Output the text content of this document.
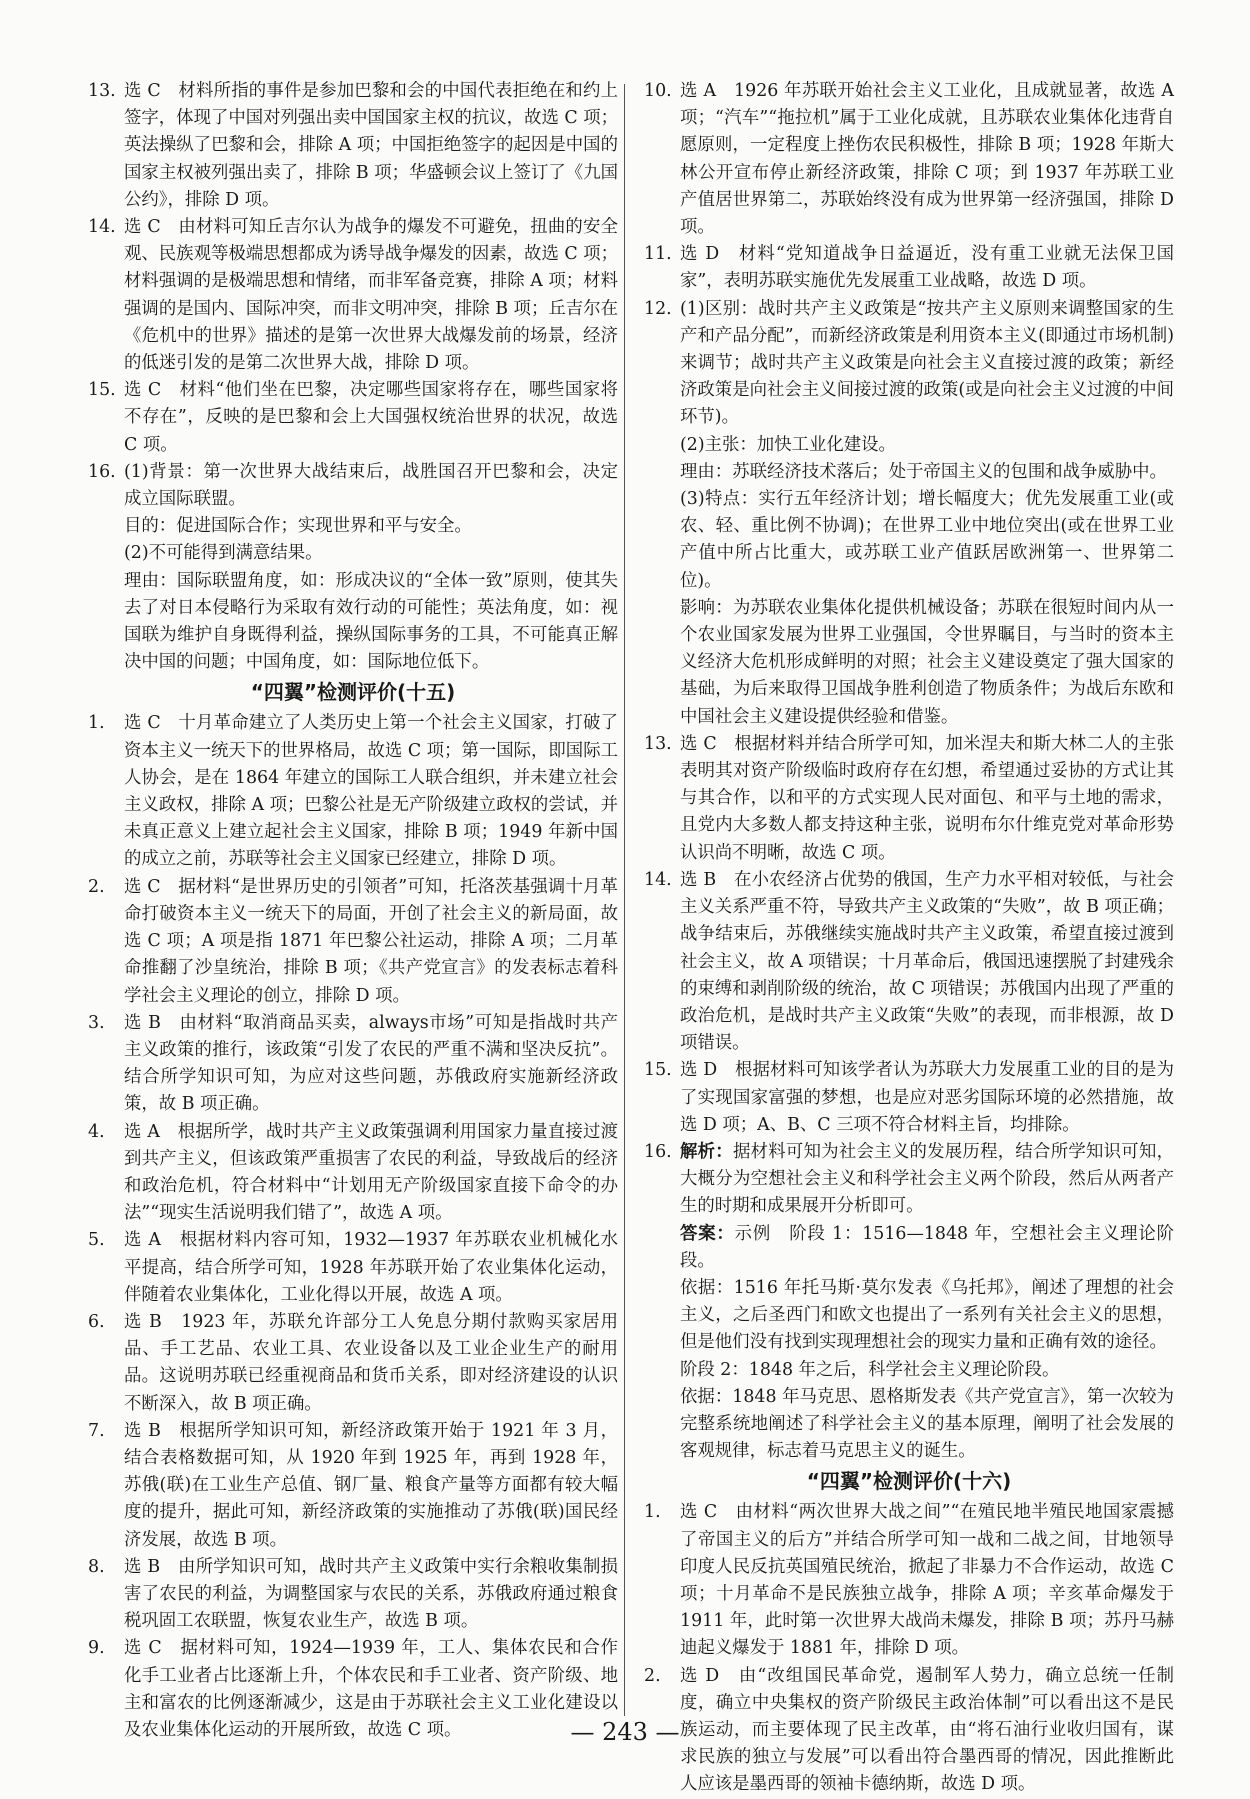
13. 选 C　材料所指的事件是参加巴黎和会的中国代表拒绝在和约上签字，体现了中国对列强出卖中国国家主权的抗议，故选 C 项；英法操纵了巴黎和会，排除 A 项；中国拒绝签字的起因是中国的国家主权被列强出卖了，排除 B 项；华盛顿会议上签订了《九国公约》，排除 D 项。

14. 选 C　由材料可知丘吉尔认为战争的爆发不可避免，扭曲的安全观、民族观等极端思想都成为诱导战争爆发的因素，故选 C 项；材料强调的是极端思想和情绪，而非军备竞赛，排除 A 项；材料强调的是国内、国际冲突，而非文明冲突，排除 B 项；丘吉尔在《危机中的世界》描述的是第一次世界大战爆发前的场景，经济的低迷引发的是第二次世界大战，排除 D 项。

15. 选 C　材料“他们坐在巴黎，决定哪些国家将存在，哪些国家将不存在”，反映的是巴黎和会上大国强权统治世界的状况，故选 C 项。

16. (1)背景：第一次世界大战结束后，战胜国召开巴黎和会，决定成立国际联盟。

目的：促进国际合作；实现世界和平与安全。

(2)不可能得到满意结果。

理由：国际联盟角度，如：形成决议的“全体一致”原则，使其失去了对日本侵略行为采取有效行动的可能性；英法角度，如：视国联为维护自身既得利益，操纵国际事务的工具，不可能真正解决中国的问题；中国角度，如：国际地位低下。

“四翼”检测评价(十五)
1. 选 C　十月革命建立了人类历史上第一个社会主义国家，打破了资本主义一统天下的世界格局，故选 C 项；第一国际，即国际工人协会，是在 1864 年建立的国际工人联合组织，并未建立社会主义政权，排除 A 项；巴黎公社是无产阶级建立政权的尝试，并未真正意义上建立起社会主义国家，排除 B 项；1949 年新中国的成立之前，苏联等社会主义国家已经建立，排除 D 项。

2. 选 C　据材料“是世界历史的引领者”可知，托洛茨基强调十月革命打破资本主义一统天下的局面，开创了社会主义的新局面，故选 C 项；A 项是指 1871 年巴黎公社运动，排除 A 项；二月革命推翻了沙皇统治，排除 B 项；《共产党宣言》的发表标志着科学社会主义理论的创立，排除 D 项。

3. 选 B　由材料“取消商品买卖，always市场”可知是指战时共产主义政策的推行，该政策“引发了农民的严重不满和坚决反抗”。结合所学知识可知，为应对这些问题，苏俄政府实施新经济政策，故 B 项正确。

4. 选 A　根据所学，战时共产主义政策强调利用国家力量直接过渡到共产主义，但该政策严重损害了农民的利益，导致战后的经济和政治危机，符合材料中“计划用无产阶级国家直接下命令的办法”“现实生活说明我们错了”，故选 A 项。

5. 选 A　根据材料内容可知，1932—1937 年苏联农业机械化水平提高，结合所学可知，1928 年苏联开始了农业集体化运动，伴随着农业集体化，工业化得以开展，故选 A 项。

6. 选 B　1923 年，苏联允许部分工人免息分期付款购买家居用品、手工艺品、农业工具、农业设备以及工业企业生产的耐用品。这说明苏联已经重视商品和货币关系，即对经济建设的认识不断深入，故 B 项正确。

7. 选 B　根据所学知识可知，新经济政策开始于 1921 年 3 月，结合表格数据可知，从 1920 年到 1925 年，再到 1928 年，苏俄(联)在工业生产总值、钢厂量、粮食产量等方面都有较大幅度的提升，据此可知，新经济政策的实施推动了苏俄(联)国民经济发展，故选 B 项。

8. 选 B　由所学知识可知，战时共产主义政策中实行余粮收集制损害了农民的利益，为调整国家与农民的关系，苏俄政府通过粮食税巩固工农联盟，恢复农业生产，故选 B 项。

9. 选 C　据材料可知，1924—1939 年，工人、集体农民和合作化手工业者占比逐渐上升，个体农民和手工业者、资产阶级、地主和富农的比例逐渐减少，这是由于苏联社会主义工业化建设以及农业集体化运动的开展所致，故选 C 项。

10. 选 A　1926 年苏联开始社会主义工业化，且成就显著，故选 A 项；“汽车”“拖拉机”属于工业化成就，且苏联农业集体化违背自愿原则，一定程度上挫伤农民积极性，排除 B 项；1928 年斯大林公开宣布停止新经济政策，排除 C 项；到 1937 年苏联工业产值居世界第二，苏联始终没有成为世界第一经济强国，排除 D 项。

11. 选 D　材料“党知道战争日益逼近，没有重工业就无法保卫国家”，表明苏联实施优先发展重工业战略，故选 D 项。

12. (1)区别：战时共产主义政策是“按共产主义原则来调整国家的生产和产品分配”，而新经济政策是利用资本主义(即通过市场机制)来调节；战时共产主义政策是向社会主义直接过渡的政策；新经济政策是向社会主义间接过渡的政策(或是向社会主义过渡的中间环节)。

(2)主张：加快工业化建设。

理由：苏联经济技术落后；处于帝国主义的包围和战争威胁中。

(3)特点：实行五年经济计划；增长幅度大；优先发展重工业(或农、轻、重比例不协调)；在世界工业中地位突出(或在世界工业产值中所占比重大，或苏联工业产值跃居欧洲第一、世界第二位)。

影响：为苏联农业集体化提供机械设备；苏联在很短时间内从一个农业国家发展为世界工业强国，令世界瞩目，与当时的资本主义经济大危机形成鲜明的对照；社会主义建设奠定了强大国家的基础，为后来取得卫国战争胜利创造了物质条件；为战后东欧和中国社会主义建设提供经验和借鉴。

13. 选 C　根据材料并结合所学可知，加米涅夫和斯大林二人的主张表明其对资产阶级临时政府存在幻想，希望通过妥协的方式让其与其合作，以和平的方式实现人民对面包、和平与土地的需求，且党内大多数人都支持这种主张，说明布尔什维克党对革命形势认识尚不明晰，故选 C 项。

14. 选 B　在小农经济占优势的俄国，生产力水平相对较低，与社会主义关系严重不符，导致共产主义政策的“失败”，故 B 项正确；战争结束后，苏俄继续实施战时共产主义政策，希望直接过渡到社会主义，故 A 项错误；十月革命后，俄国迅速摆脱了封建残余的束缚和剥削阶级的统治，故 C 项错误；苏俄国内出现了严重的政治危机，是战时共产主义政策“失败”的表现，而非根源，故 D 项错误。

15. 选 D　根据材料可知该学者认为苏联大力发展重工业的目的是为了实现国家富强的梦想，也是应对恶劣国际环境的必然措施，故选 D 项；A、B、C 三项不符合材料主旨，均排除。

16. 解析：据材料可知为社会主义的发展历程，结合所学知识可知，大概分为空想社会主义和科学社会主义两个阶段，然后从两者产生的时期和成果展开分析即可。

答案：示例　阶段 1：1516—1848 年，空想社会主义理论阶段。

依据：1516 年托马斯·莫尔发表《乌托邦》，阐述了理想的社会主义，之后圣西门和欧文也提出了一系列有关社会主义的思想，但是他们没有找到实现理想社会的现实力量和正确有效的途径。

阶段 2：1848 年之后，科学社会主义理论阶段。

依据：1848 年马克思、恩格斯发表《共产党宣言》，第一次较为完整系统地阐述了科学社会主义的基本原理，阐明了社会发展的客观规律，标志着马克思主义的诞生。

“四翼”检测评价(十六)
1. 选 C　由材料“两次世界大战之间”“在殖民地半殖民地国家震撼了帝国主义的后方”并结合所学可知一战和二战之间，甘地领导印度人民反抗英国殖民统治，掀起了非暴力不合作运动，故选 C 项；十月革命不是民族独立战争，排除 A 项；辛亥革命爆发于 1911 年，此时第一次世界大战尚未爆发，排除 B 项；苏丹马赫迪起义爆发于 1881 年，排除 D 项。

2. 选 D　由“改组国民革命党，遏制军人势力，确立总统一任制度，确立中央集权的资产阶级民主政治体制”可以看出这不是民族运动，而主要体现了民主改革，由“将石油行业收归国有，谋求民族的独立与发展”可以看出符合墨西哥的情况，因此推断此人应该是墨西哥的领袖卡德纳斯，故选 D 项。

— 243 —
